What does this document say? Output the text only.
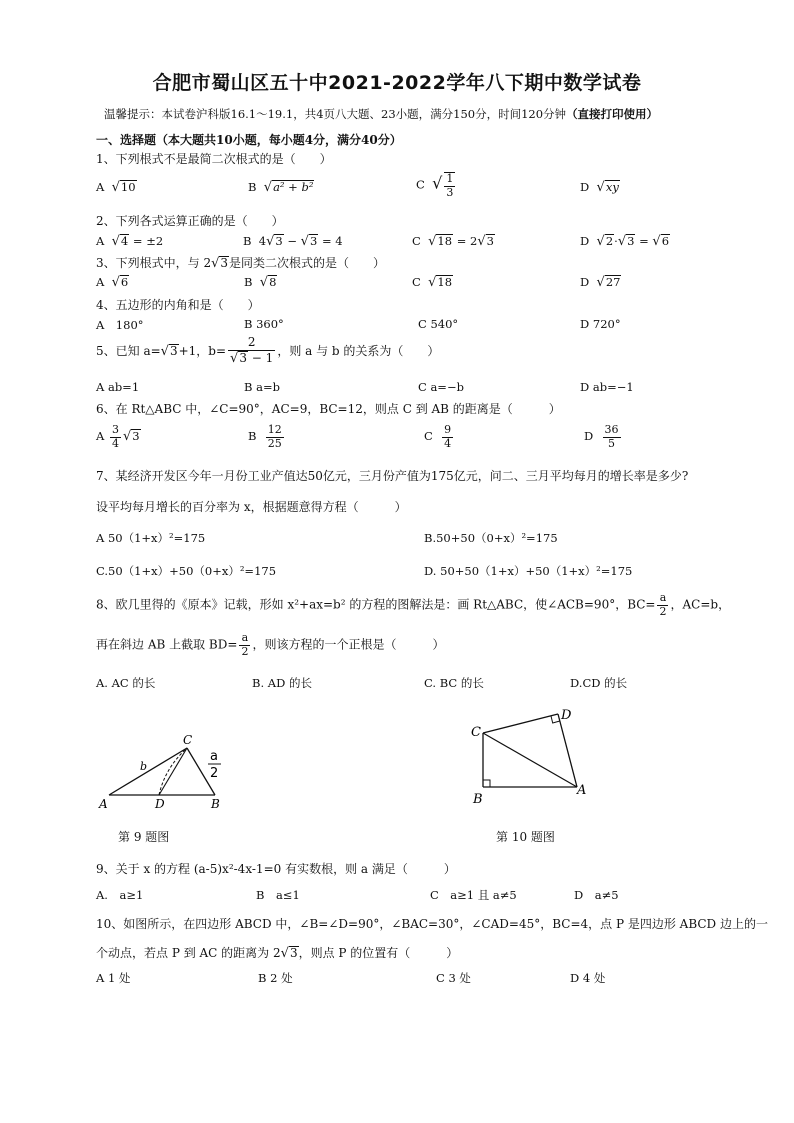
合肥市蜀山区五十中2021-2022学年八下期中数学试卷
温馨提示：本试卷沪科版16.1～19.1，共4页八大题、23小题，满分150分，时间120分钟（直接打印使用）
一、选择题（本大题共10小题，每小题4分，满分40分）
1、下列根式不是最简二次根式的是（　　）
A √10	B √a² + b²	C √ $\frac{1}{3}$	D √xy
2、下列各式运算正确的是（　　）
A √4 = ±2	B 4√3 − √3 = 4	C √18 = 2√3	D √2·√3 = √6
3、下列根式中，与 2√3是同类二次根式的是（　　）
A √6	B √8	C √18	D √27
4、五边形的内角和是（　　）
A　180°	B 360°	C 540°	D 720°
5、已知 a=√3+1，$b= \frac{2}{√3 - 1}$ ，则 a 与 b 的关系为（　　）
A ab=1	B a=b	C a=−b	D ab=−1
6、在 Rt△ABC 中，∠C=90°，AC=9，BC=12，则点 C 到 AB 的距离是（　　　）
A $\frac{3}{4} √3$	B $\frac{12}{25}$	C $\frac{9}{4}$	D $\frac{36}{5}$
7、某经济开发区今年一月份工业产值达50亿元，三月份产值为175亿元，问二、三月平均每月的增长率是多少?
设平均每月增长的百分率为 x，根据题意得方程（　　　）
A 50（1+x）²=175	B.50+50（0+x）²=175
C.50（1+x）+50（0+x）²=175	D. 50+50（1+x）+50（1+x）²=175
8、欧几里得的《原本》记载，形如 x²+ax=b² 的方程的图解法是：画 Rt△ABC，使∠ACB=90°，$BC= \frac{a}{2}$ ，AC=b，
再在斜边 AB 上截取 $BD= \frac{a}{2}$ ，则该方程的一个正根是（　　　）
A. AC 的长	B. AD 的长	C. BC 的长	D.CD 的长
A	D	B
C
b
a
2
第 9 题图
C
D
B
A
第 10 题图
9、关于 x 的方程 (a-5)x²-4x-1=0 有实数根，则 a 满足（　　　）
A.　a≥1	B　a≤1	C　a≥1 且 a≠5	D　a≠5
10、如图所示，在四边形 ABCD 中，∠B=∠D=90°，∠BAC=30°，∠CAD=45°，BC=4，点 P 是四边形 ABCD 边上的一
个动点，若点 P 到 AC 的距离为 2√3，则点 P 的位置有（　　　）
A 1 处	B 2 处	C 3 处	D 4 处
